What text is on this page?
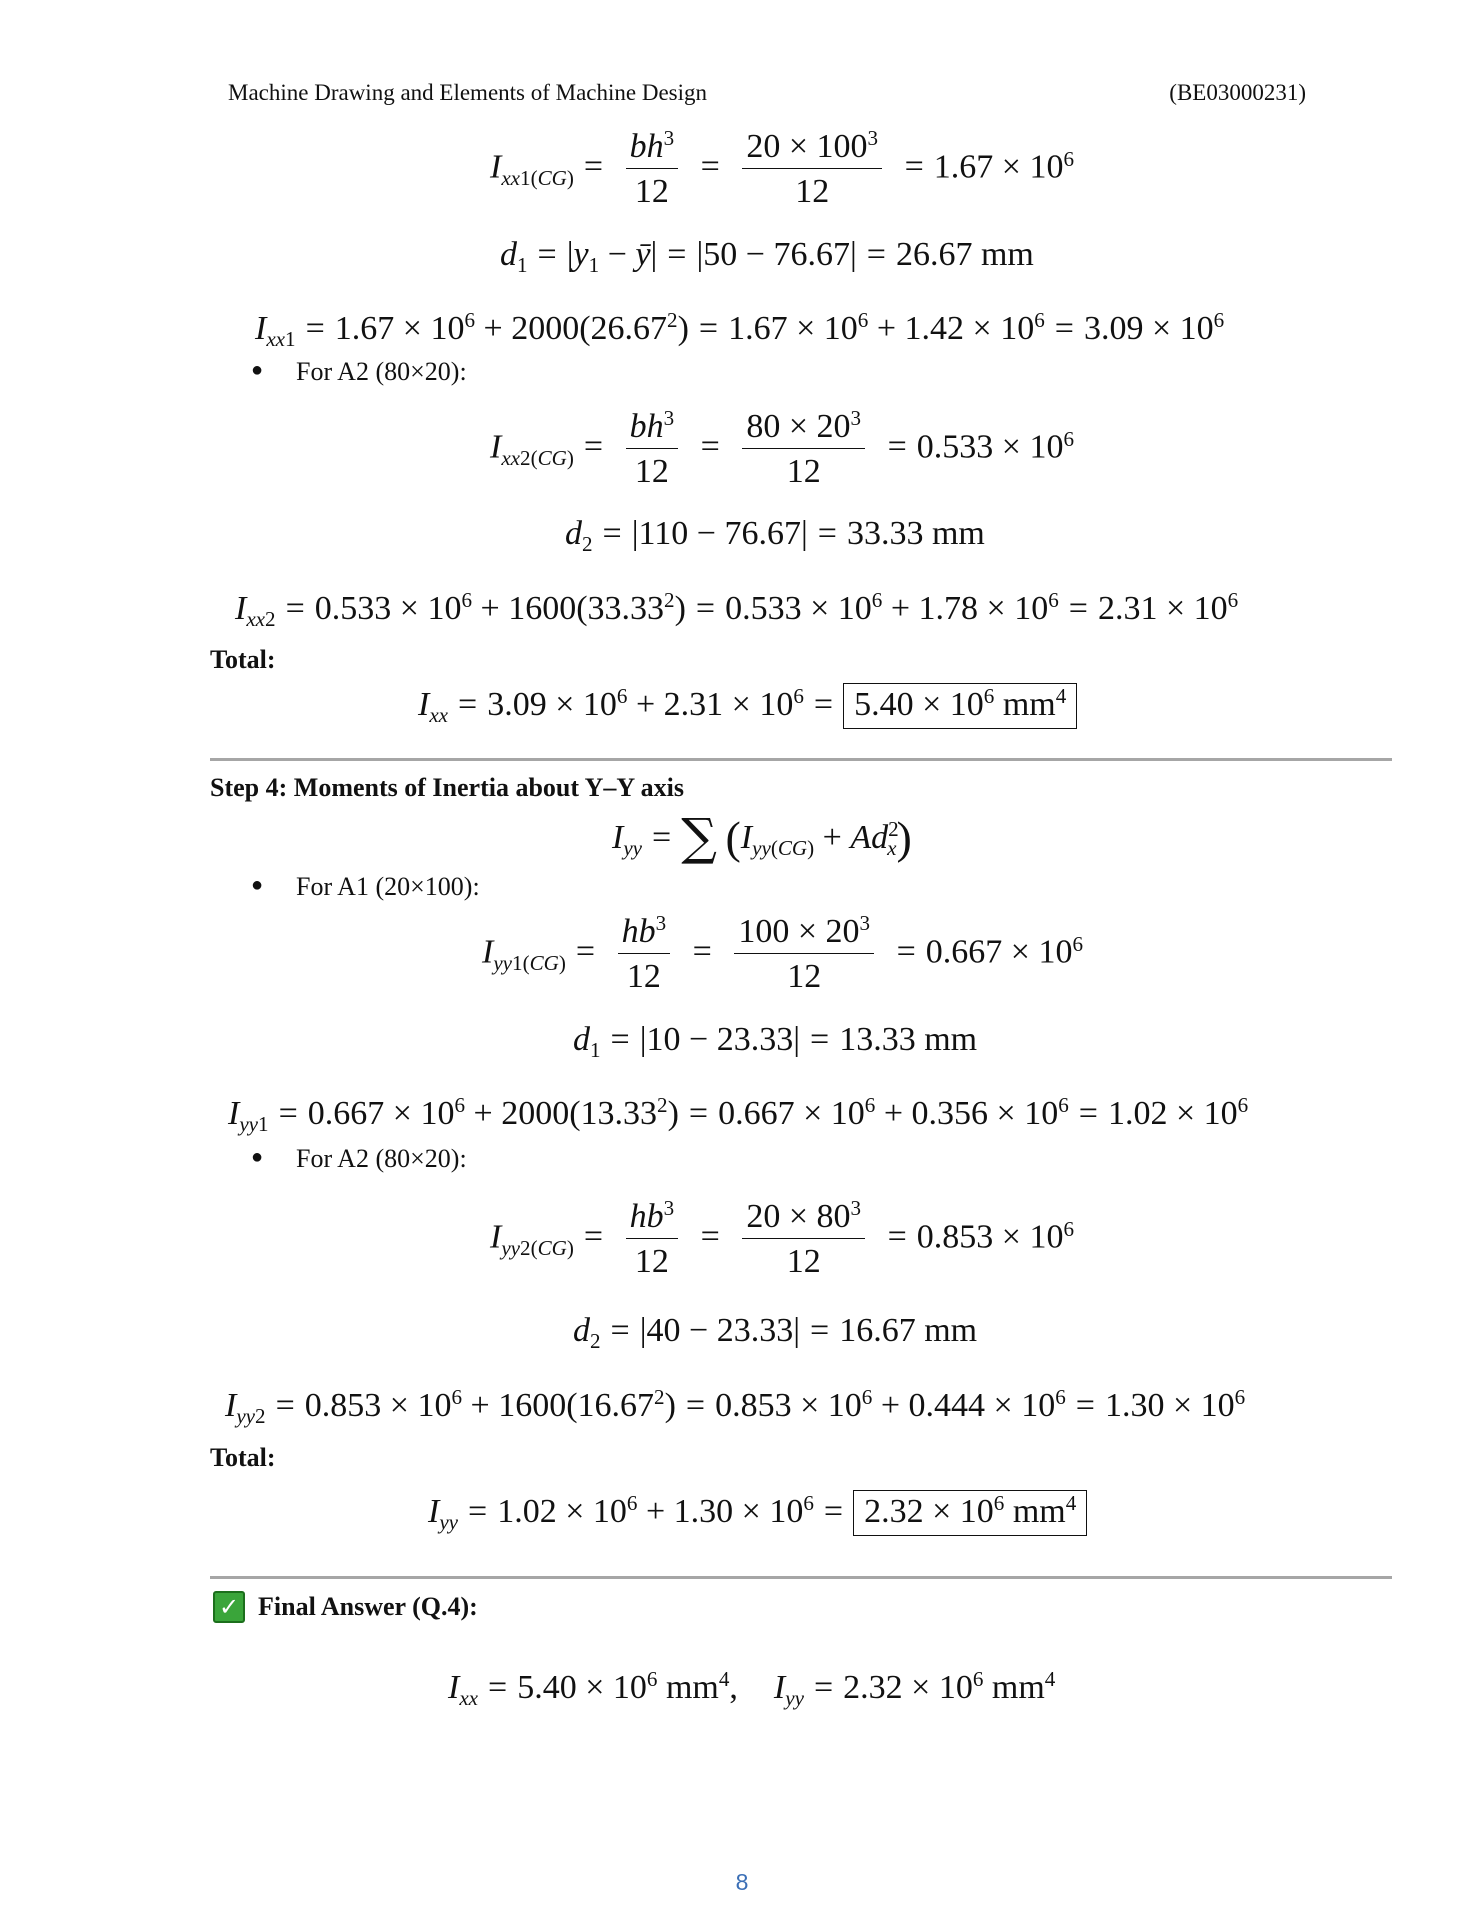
Machine Drawing and Elements of Machine Design	(BE03000231)
$I_{xx1(CG)} = \frac{bh^3}{12} = \frac{20 \times 100^3}{12} = 1.67 \times 10^6$
$d_1 = |y_1$ − ȳ| = |50 − 76.67| = 26.67 mm
$I_{xx1} = 1.67 \times 10^6 + 2000(26.67^2) = 1.67 \times 10^6 + 1.42 \times 10^6 = 3.09 \times 10^6$
● For A2 (80×20):
$I_{xx2(CG)} = \frac{bh^3}{12} = \frac{80 \times 20^3}{12} = 0.533 \times 10^6$
$d_2 = |110 - 76.67| = 33.33$ mm
$I_{xx2} = 0.533 \times 10^6 + 1600(33.33^2) = 0.533 \times 10^6 + 1.78 \times 10^6 = 2.31 \times 10^6$
Total:
$I_{xx} = 3.09 \times 10^6 + 2.31 \times 10^6 = 5.40 \times 10^6$ $mm^4$
Step 4: Moments of Inertia about Y–Y axis
$I_{yy}$ = ∑ $(I_{yy(CG)} + Ad^2_x)$
● For A1 (20×100):
$I_{yy1(CG)} = \frac{hb^3}{12} = \frac{100 \times 20^3}{12} = 0.667 \times 10^6$
$d_1 = |10 - 23.33| = 13.33$ mm
$I_{yy1} = 0.667 \times 10^6 + 2000(13.33^2) = 0.667 \times 10^6 + 0.356 \times 10^6 = 1.02 \times 10^6$
● For A2 (80×20):
$I_{yy2(CG)} = \frac{hb^3}{12} = \frac{20 \times 80^3}{12} = 0.853 \times 10^6$
$d_2 = |40 - 23.33| = 16.67$ mm
$I_{yy2} = 0.853 \times 10^6 + 1600(16.67^2) = 0.853 \times 10^6 + 0.444 \times 10^6 = 1.30 \times 10^6$
Total:
$I_{yy} = 1.02 \times 10^6 + 1.30 \times 10^6 = 2.32 \times 10^6$ $mm^4$
✓ Final Answer (Q.4):
$I_{xx} = 5.40 \times 10^6$ $mm^4$, $I_{yy} = 2.32 \times 10^6$ $mm^4$
8
